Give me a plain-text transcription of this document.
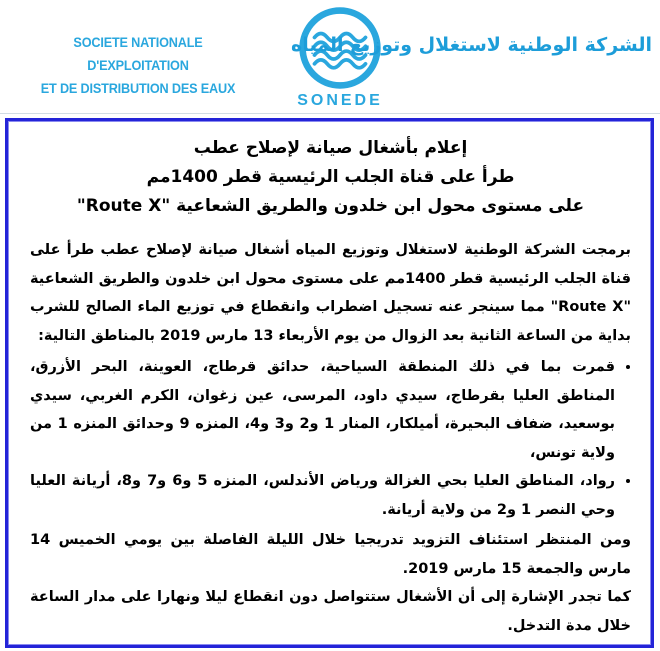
SOCIETE NATIONALE D'EXPLOITATION
ET DE DISTRIBUTION DES EAUX
SONEDE
الشركة الوطنية لاستغلال وتوزيع المياه
إعلام بأشغال صيانة لإصلاح عطب
طرأ على قناة الجلب الرئيسية قطر 1400مم
على مستوى محول ابن خلدون والطريق الشعاعية "Route X"

برمجت الشركة الوطنية لاستغلال وتوزيع المياه أشغال صيانة لإصلاح عطب طرأ على قناة الجلب الرئيسية قطر 1400مم على مستوى محول ابن خلدون والطريق الشعاعية "Route X" مما سينجر عنه تسجيل اضطراب وانقطاع في توزيع الماء الصالح للشرب بداية من الساعة الثانية بعد الزوال من يوم الأربعاء 13 مارس 2019 بالمناطق التالية:

• قمرت بما في ذلك المنطقة السياحية، حدائق قرطاج، العوينة، البحر الأزرق، المناطق العليا بقرطاج، سيدي داود، المرسى، عين زغوان، الكرم الغربي، سيدي بوسعيد، ضفاف البحيرة، أميلكار، المنار 1 و2 و3 و4، المنزه 9 وحدائق المنزه 1 من ولاية تونس،
• رواد، المناطق العليا بحي الغزالة ورياض الأندلس، المنزه 5 و6 و7 و8، أريانة العليا وحي النصر 1 و2 من ولاية أريانة.

ومن المنتظر استئناف التزويد تدريجيا خلال الليلة الفاصلة بين يومي الخميس 14 مارس والجمعة 15 مارس 2019.

كما تجدر الإشارة إلى أن الأشغال ستتواصل دون انقطاع ليلا ونهارا على مدار الساعة خلال مدة التدخل.
